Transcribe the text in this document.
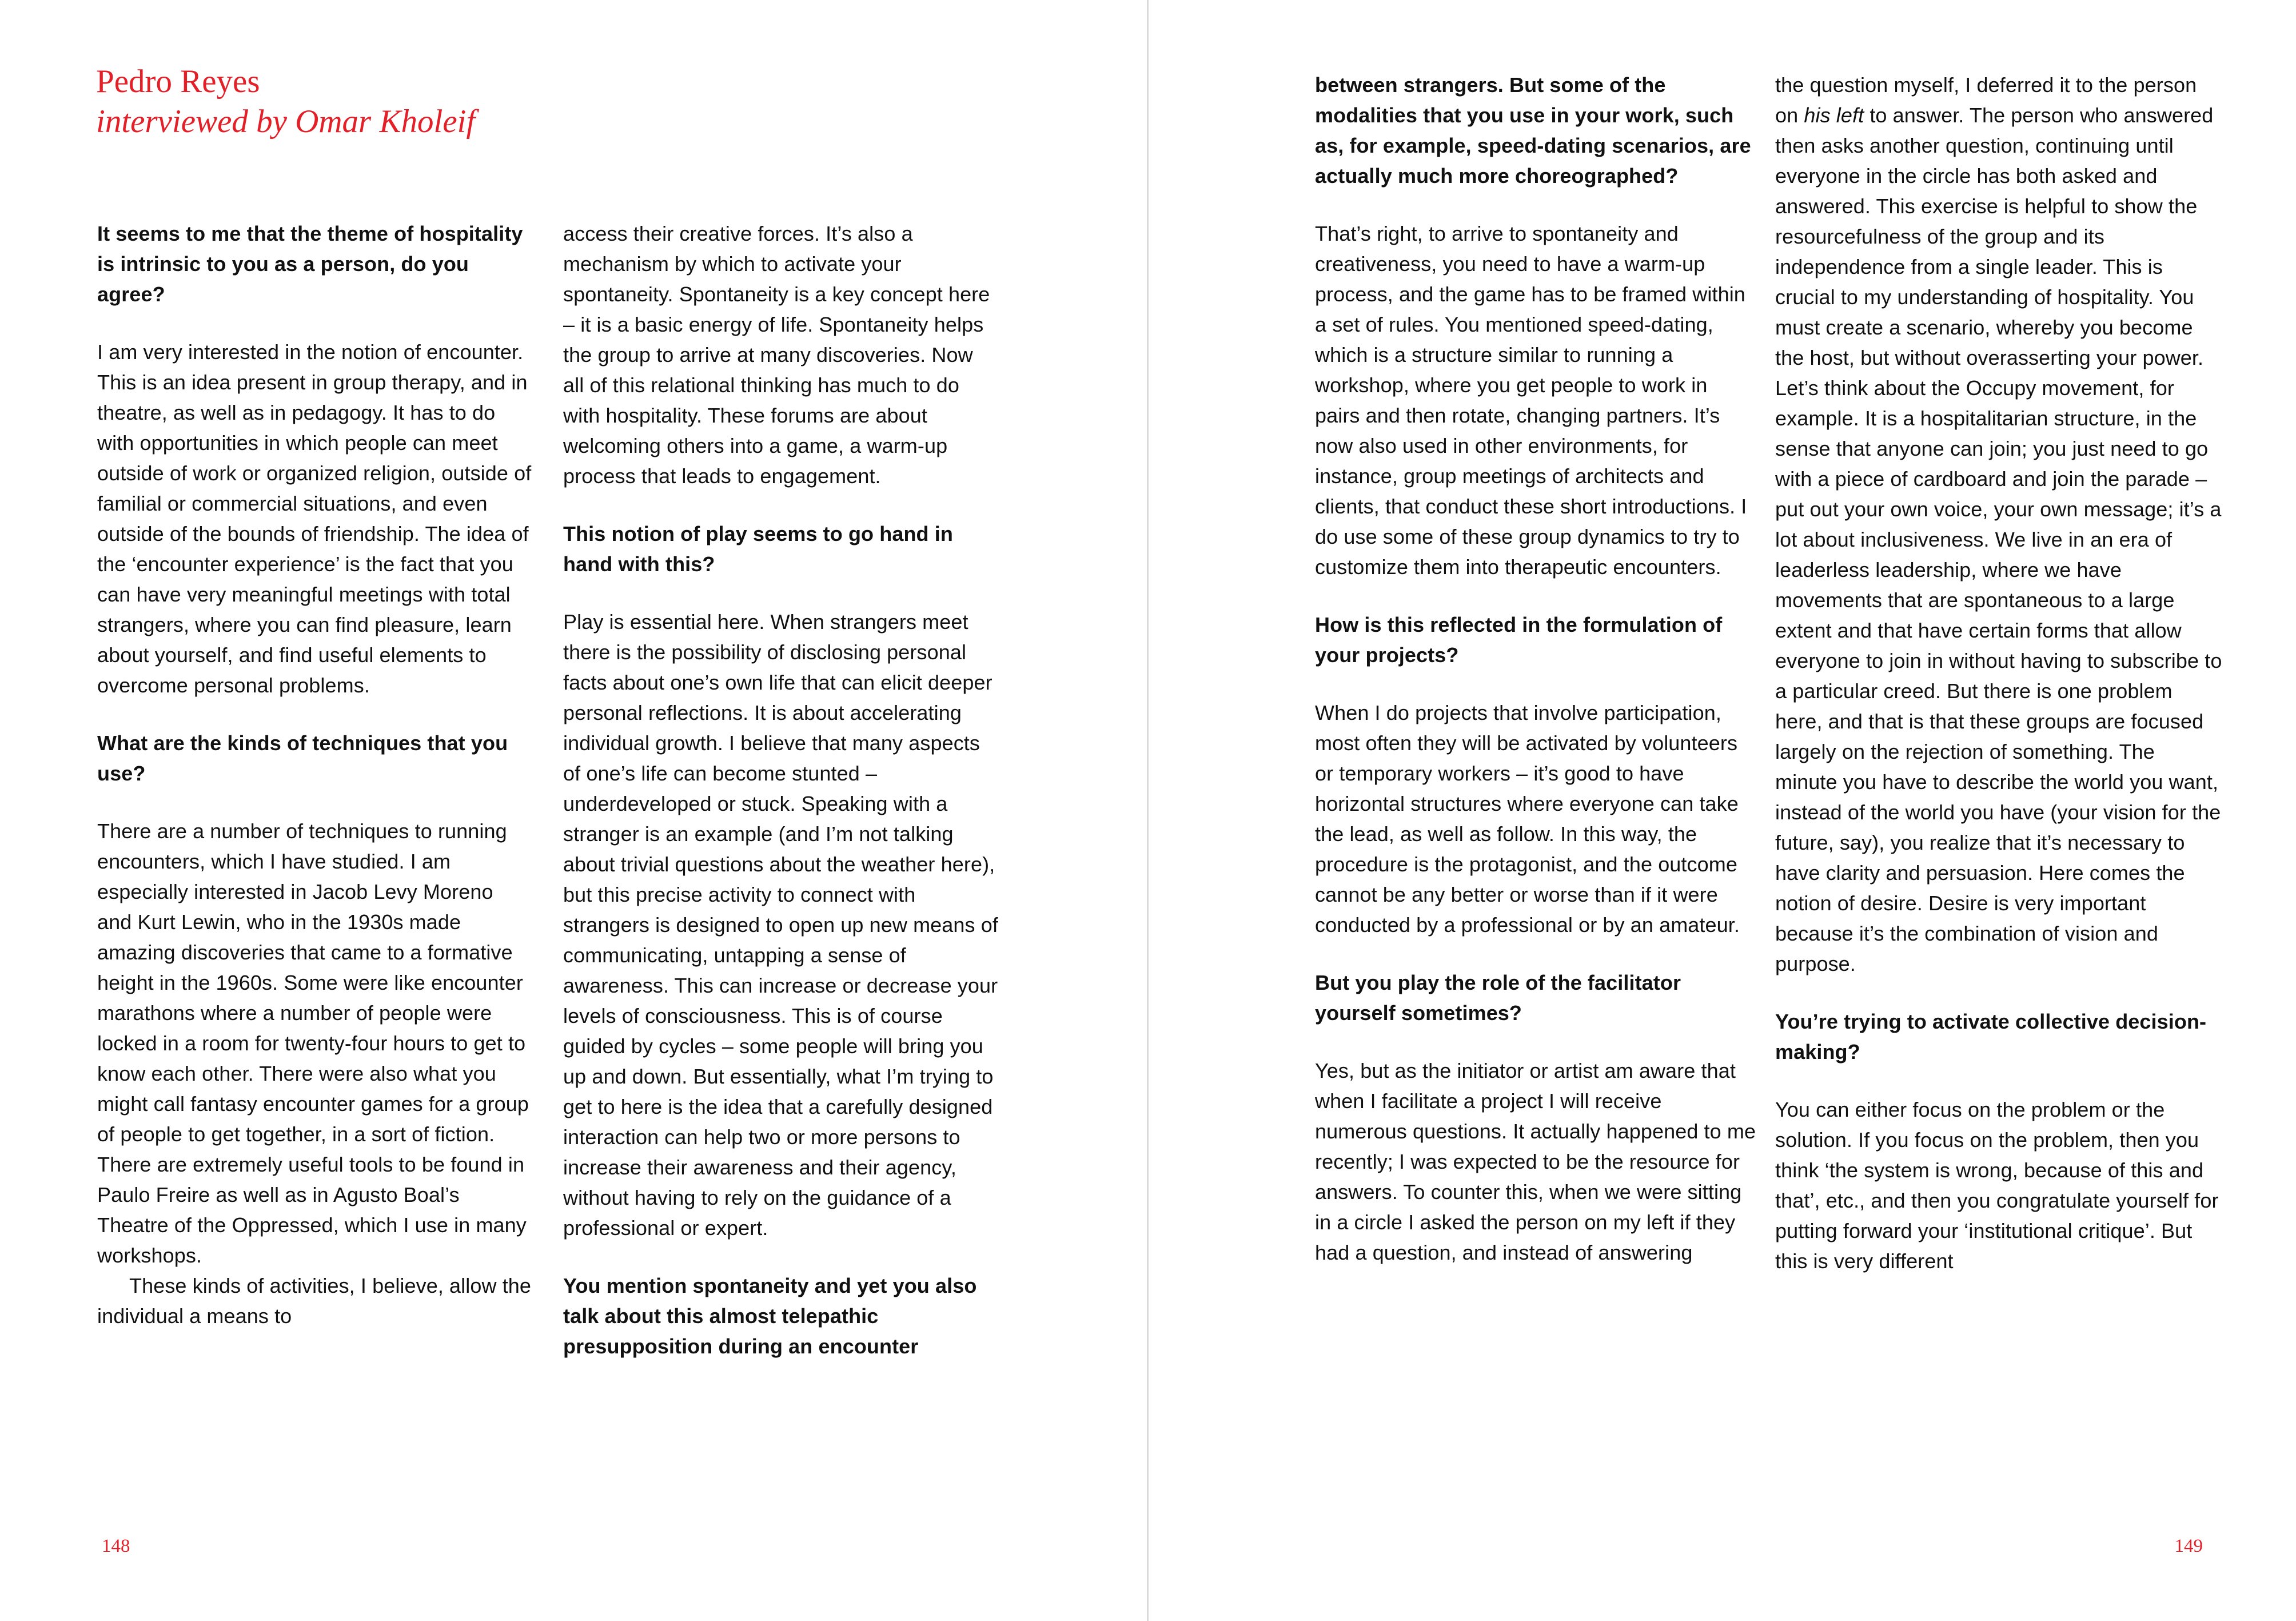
Pedro Reyes
interviewed by Omar Kholeif

It seems to me that the theme of hospitality is intrinsic to you as a person, do you agree?

I am very interested in the notion of encounter. This is an idea present in group therapy, and in theatre, as well as in pedagogy. It has to do with opportunities in which people can meet outside of work or organized religion, outside of familial or commercial situations, and even outside of the bounds of friendship. The idea of the ‘encounter experience’ is the fact that you can have very meaningful meetings with total strangers, where you can find pleasure, learn about yourself, and find useful elements to overcome personal problems.

What are the kinds of techniques that you use?

There are a number of techniques to running encounters, which I have studied. I am especially interested in Jacob Levy Moreno and Kurt Lewin, who in the 1930s made amazing discoveries that came to a formative height in the 1960s. Some were like encounter marathons where a number of people were locked in a room for twenty-four hours to get to know each other. There were also what you might call fantasy encounter games for a group of people to get together, in a sort of fiction. There are extremely useful tools to be found in Paulo Freire as well as in Agusto Boal’s Theatre of the Oppressed, which I use in many workshops.

These kinds of activities, I believe, allow the individual a means to

access their creative forces. It’s also a mechanism by which to activate your spontaneity. Spontaneity is a key concept here – it is a basic energy of life. Spontaneity helps the group to arrive at many discoveries. Now all of this relational thinking has much to do with hospitality. These forums are about welcoming others into a game, a warm-up process that leads to engagement.

This notion of play seems to go hand in hand with this?

Play is essential here. When strangers meet there is the possibility of disclosing personal facts about one’s own life that can elicit deeper personal reflections. It is about accelerating individual growth. I believe that many aspects of one’s life can become stunted – underdeveloped or stuck. Speaking with a stranger is an example (and I’m not talking about trivial questions about the weather here), but this precise activity to connect with strangers is designed to open up new means of communicating, untapping a sense of awareness. This can increase or decrease your levels of consciousness. This is of course guided by cycles – some people will bring you up and down. But essentially, what I’m trying to get to here is the idea that a carefully designed interaction can help two or more persons to increase their awareness and their agency, without having to rely on the guidance of a professional or expert.

You mention spontaneity and yet you also talk about this almost telepathic presupposition during an encounter

between strangers. But some of the modalities that you use in your work, such as, for example, speed-dating scenarios, are actually much more choreographed?

That’s right, to arrive to spontaneity and creativeness, you need to have a warm-up process, and the game has to be framed within a set of rules. You mentioned speed-dating, which is a structure similar to running a workshop, where you get people to work in pairs and then rotate, changing partners. It’s now also used in other environments, for instance, group meetings of architects and clients, that conduct these short introductions. I do use some of these group dynamics to try to customize them into therapeutic encounters.

How is this reflected in the formulation of your projects?

When I do projects that involve participation, most often they will be activated by volunteers or temporary workers – it’s good to have horizontal structures where everyone can take the lead, as well as follow. In this way, the procedure is the protagonist, and the outcome cannot be any better or worse than if it were conducted by a professional or by an amateur.

But you play the role of the facilitator yourself sometimes?

Yes, but as the initiator or artist am aware that when I facilitate a project I will receive numerous questions. It actually happened to me recently; I was expected to be the resource for answers. To counter this, when we were sitting in a circle I asked the person on my left if they had a question, and instead of answering

the question myself, I deferred it to the person on his left to answer. The person who answered then asks another question, continuing until everyone in the circle has both asked and answered. This exercise is helpful to show the resourcefulness of the group and its independence from a single leader. This is crucial to my understanding of hospitality. You must create a scenario, whereby you become the host, but without overasserting your power. Let’s think about the Occupy movement, for example. It is a hospitalitarian structure, in the sense that anyone can join; you just need to go with a piece of cardboard and join the parade – put out your own voice, your own message; it’s a lot about inclusiveness. We live in an era of leaderless leadership, where we have movements that are spontaneous to a large extent and that have certain forms that allow everyone to join in without having to subscribe to a particular creed. But there is one problem here, and that is that these groups are focused largely on the rejection of something. The minute you have to describe the world you want, instead of the world you have (your vision for the future, say), you realize that it’s necessary to have clarity and persuasion. Here comes the notion of desire. Desire is very important because it’s the combination of vision and purpose.

You’re trying to activate collective decision-making?

You can either focus on the problem or the solution. If you focus on the problem, then you think ‘the system is wrong, because of this and that’, etc., and then you congratulate yourself for putting forward your ‘institutional critique’. But this is very different

148	149
